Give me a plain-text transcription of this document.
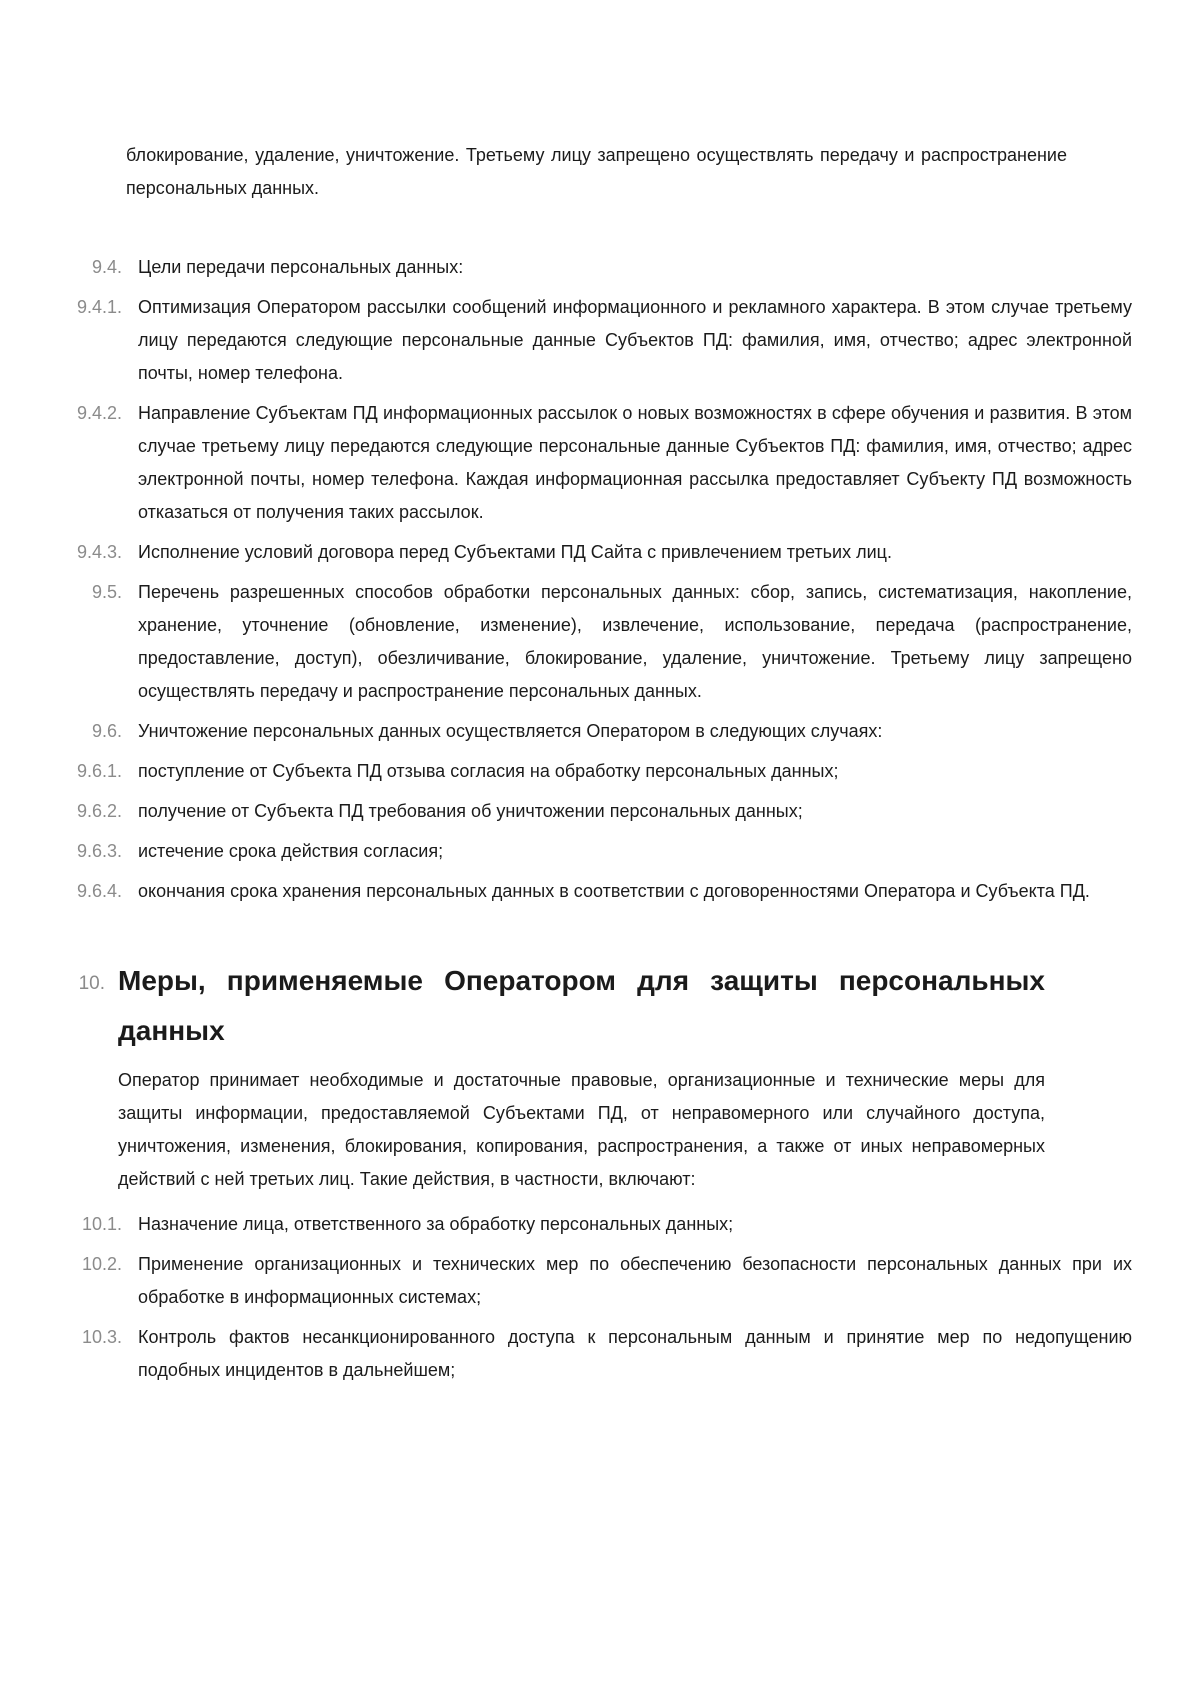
блокирование, удаление, уничтожение. Третьему лицу запрещено осуществлять передачу и распространение персональных данных.

9.4. Цели передачи персональных данных:
9.4.1. Оптимизация Оператором рассылки сообщений информационного и рекламного характера. В этом случае третьему лицу передаются следующие персональные данные Субъектов ПД: фамилия, имя, отчество; адрес электронной почты, номер телефона.
9.4.2. Направление Субъектам ПД информационных рассылок о новых возможностях в сфере обучения и развития. В этом случае третьему лицу передаются следующие персональные данные Субъектов ПД: фамилия, имя, отчество; адрес электронной почты, номер телефона. Каждая информационная рассылка предоставляет Субъекту ПД возможность отказаться от получения таких рассылок.
9.4.3. Исполнение условий договора перед Субъектами ПД Сайта с привлечением третьих лиц.
9.5. Перечень разрешенных способов обработки персональных данных: сбор, запись, систематизация, накопление, хранение, уточнение (обновление, изменение), извлечение, использование, передача (распространение, предоставление, доступ), обезличивание, блокирование, удаление, уничтожение. Третьему лицу запрещено осуществлять передачу и распространение персональных данных.
9.6. Уничтожение персональных данных осуществляется Оператором в следующих случаях:
9.6.1. поступление от Субъекта ПД отзыва согласия на обработку персональных данных;
9.6.2. получение от Субъекта ПД требования об уничтожении персональных данных;
9.6.3. истечение срока действия согласия;
9.6.4. окончания срока хранения персональных данных в соответствии с договоренностями Оператора и Субъекта ПД.
10. Меры, применяемые Оператором для защиты персональных данных

Оператор принимает необходимые и достаточные правовые, организационные и технические меры для защиты информации, предоставляемой Субъектами ПД, от неправомерного или случайного доступа, уничтожения, изменения, блокирования, копирования, распространения, а также от иных неправомерных действий с ней третьих лиц. Такие действия, в частности, включают:

10.1. Назначение лица, ответственного за обработку персональных данных;
10.2. Применение организационных и технических мер по обеспечению безопасности персональных данных при их обработке в информационных системах;
10.3. Контроль фактов несанкционированного доступа к персональным данным и принятие мер по недопущению подобных инцидентов в дальнейшем;
